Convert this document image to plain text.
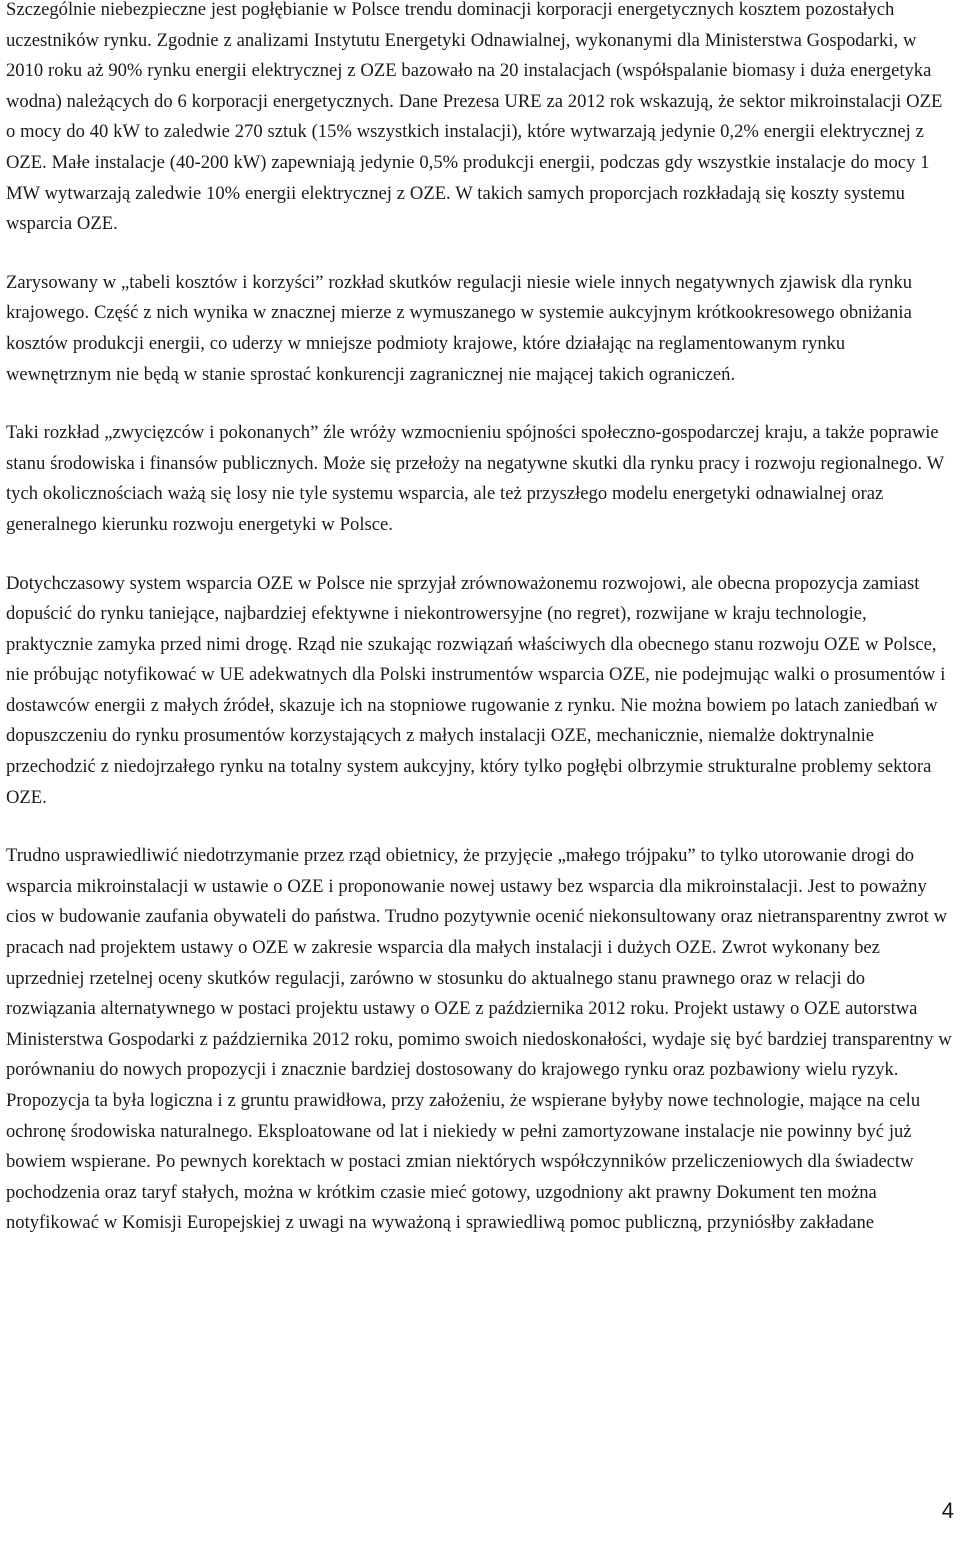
Szczególnie niebezpieczne jest pogłębianie w Polsce trendu dominacji korporacji energetycznych kosztem pozostałych uczestników rynku. Zgodnie z analizami Instytutu Energetyki Odnawialnej, wykonanymi dla Ministerstwa Gospodarki, w 2010 roku aż 90% rynku energii elektrycznej z OZE bazowało na 20 instalacjach (współspalanie biomasy i duża energetyka wodna) należących do 6 korporacji energetycznych. Dane Prezesa URE za 2012 rok wskazują, że sektor mikroinstalacji OZE o mocy do 40 kW to zaledwie 270 sztuk (15% wszystkich instalacji), które wytwarzają jedynie 0,2% energii elektrycznej z OZE. Małe instalacje (40-200 kW) zapewniają jedynie 0,5% produkcji energii, podczas gdy wszystkie instalacje do mocy 1 MW wytwarzają zaledwie 10% energii elektrycznej z OZE. W takich samych proporcjach rozkładają się koszty systemu wsparcia OZE.

Zarysowany w „tabeli kosztów i korzyści” rozkład skutków regulacji niesie wiele innych negatywnych zjawisk dla rynku krajowego. Część z nich wynika w znacznej mierze z wymuszanego w systemie aukcyjnym krótkookresowego obniżania kosztów produkcji energii, co uderzy w mniejsze podmioty krajowe, które działając na reglamentowanym rynku wewnętrznym nie będą w stanie sprostać konkurencji zagranicznej nie mającej takich ograniczeń.

Taki rozkład „zwycięzców i pokonanych” źle wróży wzmocnieniu spójności społeczno-gospodarczej kraju, a także poprawie stanu środowiska i finansów publicznych. Może się przełoży na negatywne skutki dla rynku pracy i rozwoju regionalnego. W tych okolicznościach ważą się losy nie tyle systemu wsparcia, ale też przyszłego modelu energetyki odnawialnej oraz generalnego kierunku rozwoju energetyki w Polsce.

Dotychczasowy system wsparcia OZE w Polsce nie sprzyjał zrównoważonemu rozwojowi, ale obecna propozycja zamiast dopuścić do rynku taniejące, najbardziej efektywne i niekontrowersyjne (no regret), rozwijane w kraju technologie, praktycznie zamyka przed nimi drogę. Rząd nie szukając rozwiązań właściwych dla obecnego stanu rozwoju OZE w Polsce, nie próbując notyfikować w UE adekwatnych dla Polski instrumentów wsparcia OZE, nie podejmując walki o prosumentów i dostawców energii z małych źródeł, skazuje ich na stopniowe rugowanie z rynku. Nie można bowiem po latach zaniedbań w dopuszczeniu do rynku prosumentów korzystających z małych instalacji OZE, mechanicznie, niemalże doktrynalnie przechodzić z niedojrzałego rynku na totalny system aukcyjny, który tylko pogłębi olbrzymie strukturalne problemy sektora OZE.

Trudno usprawiedliwić niedotrzymanie przez rząd obietnicy, że przyjęcie „małego trójpaku” to tylko utorowanie drogi do wsparcia mikroinstalacji w ustawie o OZE i proponowanie nowej ustawy bez wsparcia dla mikroinstalacji. Jest to poważny cios w budowanie zaufania obywateli do państwa. Trudno pozytywnie ocenić niekonsultowany oraz nietransparentny zwrot w pracach nad projektem ustawy o OZE w zakresie wsparcia dla małych instalacji i dużych OZE. Zwrot wykonany bez uprzedniej rzetelnej oceny skutków regulacji, zarówno w stosunku do aktualnego stanu prawnego oraz w relacji do rozwiązania alternatywnego w postaci projektu ustawy o OZE z października 2012 roku. Projekt ustawy o OZE autorstwa Ministerstwa Gospodarki z października 2012 roku, pomimo swoich niedoskonałości, wydaje się być bardziej transparentny w porównaniu do nowych propozycji i znacznie bardziej dostosowany do krajowego rynku oraz pozbawiony wielu ryzyk. Propozycja ta była logiczna i z gruntu prawidłowa, przy założeniu, że wspierane byłyby nowe technologie, mające na celu ochronę środowiska naturalnego. Eksploatowane od lat i niekiedy w pełni zamortyzowane instalacje nie powinny być już bowiem wspierane. Po pewnych korektach w postaci zmian niektórych współczynników przeliczeniowych dla świadectw pochodzenia oraz taryf stałych, można w krótkim czasie mieć gotowy, uzgodniony akt prawny Dokument ten można notyfikować w Komisji Europejskiej z uwagi na wyważoną i sprawiedliwą pomoc publiczną, przyniósłby zakładane

4
